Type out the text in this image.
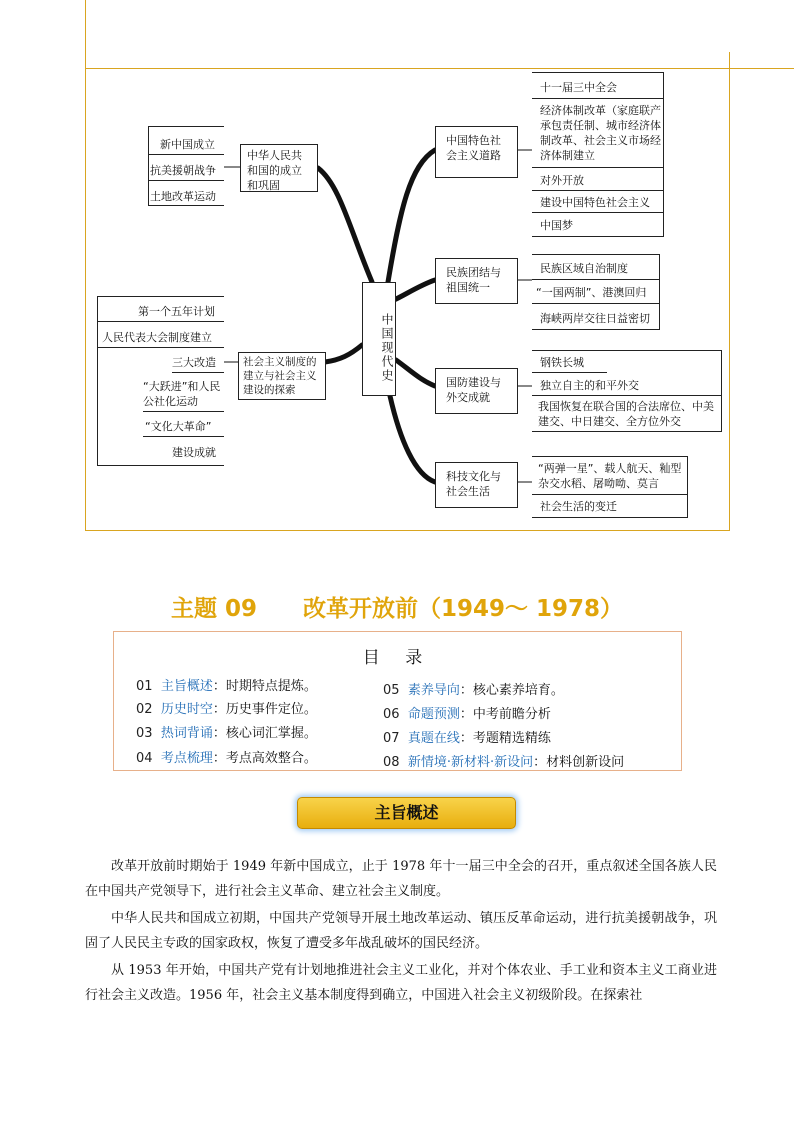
中国现代史
中华人民共和国的成立和巩固
新中国成立
抗美援朝战争
土地改革运动
社会主义制度的建立与社会主义建设的探索
第一个五年计划
人民代表大会制度建立
三大改造
“大跃进”和人民公社化运动
“文化大革命”
建设成就
中国特色社会主义道路
十一届三中全会
经济体制改革（家庭联产承包责任制、城市经济体制改革、社会主义市场经济体制建立
对外开放
建设中国特色社会主义
中国梦
民族团结与祖国统一
民族区域自治制度
“一国两制”、港澳回归
海峡两岸交往日益密切
国防建设与外交成就
钢铁长城
独立自主的和平外交
我国恢复在联合国的合法席位、中美建交、中日建交、全方位外交
科技文化与社会生活
“两弹一星”、载人航天、籼型杂交水稻、屠呦呦、莫言
社会生活的变迁
主题 09　　改革开放前（1949～ 1978）
目 录
01 主旨概述：时期特点提炼。
02 历史时空：历史事件定位。
03 热词背诵：核心词汇掌握。
04 考点梳理：考点高效整合。
05 素养导向：核心素养培育。
06 命题预测：中考前瞻分析
07 真题在线：考题精选精练
08 新情境·新材料·新设问：材料创新设问
主旨概述
改革开放前时期始于 1949 年新中国成立，止于 1978 年十一届三中全会的召开，重点叙述全国各族人民在中国共产党领导下，进行社会主义革命、建立社会主义制度。
中华人民共和国成立初期，中国共产党领导开展土地改革运动、镇压反革命运动，进行抗美援朝战争，巩固了人民民主专政的国家政权，恢复了遭受多年战乱破坏的国民经济。
从 1953 年开始，中国共产党有计划地推进社会主义工业化，并对个体农业、手工业和资本主义工商业进行社会主义改造。1956 年，社会主义基本制度得到确立，中国进入社会主义初级阶段。在探索社
